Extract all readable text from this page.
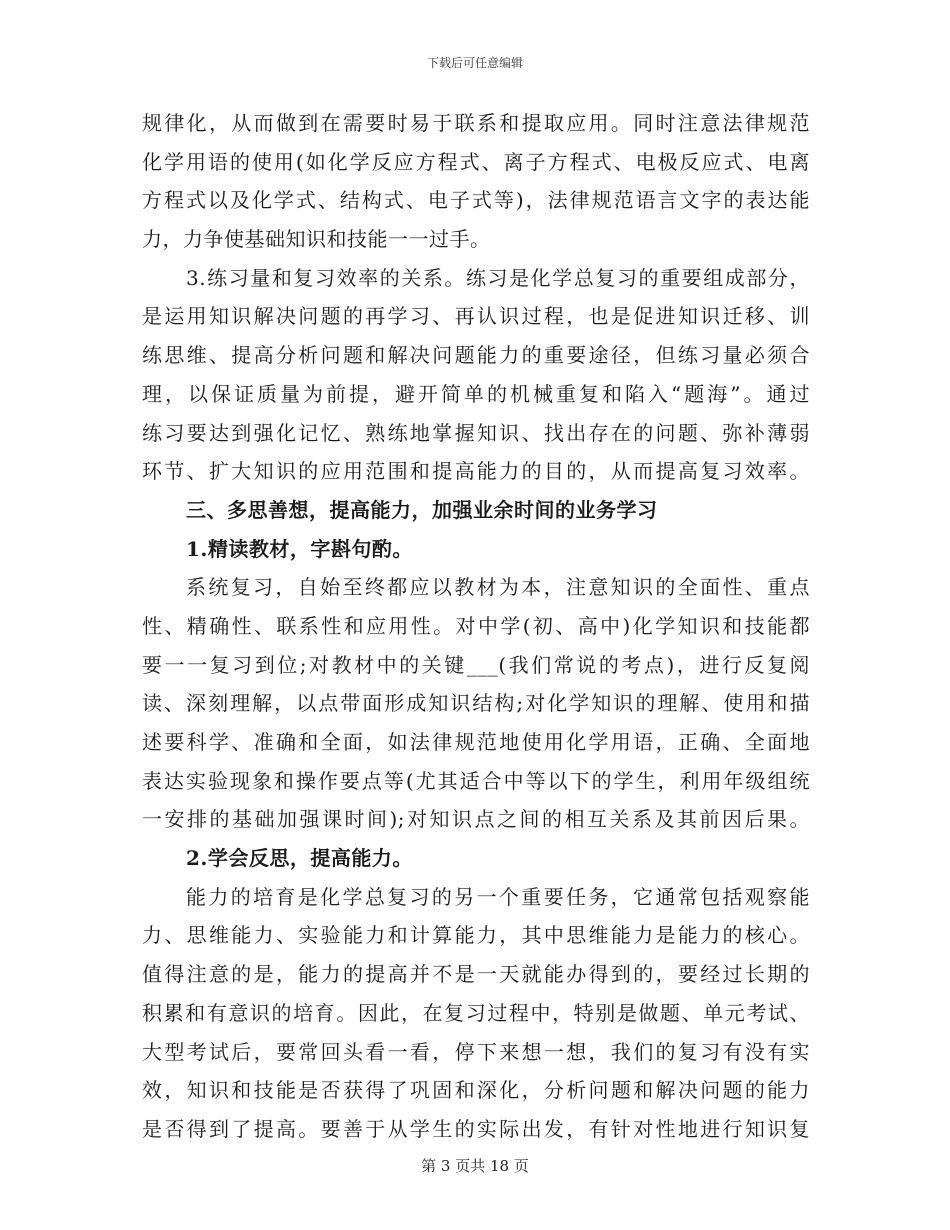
下载后可任意编辑
规律化，从而做到在需要时易于联系和提取应用。同时注意法律规范
化学用语的使用(如化学反应方程式、离子方程式、电极反应式、电离
方程式以及化学式、结构式、电子式等)，法律规范语言文字的表达能
力，力争使基础知识和技能一一过手。
3.练习量和复习效率的关系。练习是化学总复习的重要组成部分，
是运用知识解决问题的再学习、再认识过程，也是促进知识迁移、训
练思维、提高分析问题和解决问题能力的重要途径，但练习量必须合
理，以保证质量为前提，避开简单的机械重复和陷入“题海”。通过
练习要达到强化记忆、熟练地掌握知识、找出存在的问题、弥补薄弱
环节、扩大知识的应用范围和提高能力的目的，从而提高复习效率。
三、多思善想，提高能力，加强业余时间的业务学习
1.精读教材，字斟句酌。
系统复习，自始至终都应以教材为本，注意知识的全面性、重点
性、精确性、联系性和应用性。对中学(初、高中)化学知识和技能都
要一一复习到位;对教材中的关键___(我们常说的考点)，进行反复阅
读、深刻理解，以点带面形成知识结构;对化学知识的理解、使用和描
述要科学、准确和全面，如法律规范地使用化学用语，正确、全面地
表达实验现象和操作要点等(尤其适合中等以下的学生，利用年级组统
一安排的基础加强课时间);对知识点之间的相互关系及其前因后果。
2.学会反思，提高能力。
能力的培育是化学总复习的另一个重要任务，它通常包括观察能
力、思维能力、实验能力和计算能力，其中思维能力是能力的核心。
值得注意的是，能力的提高并不是一天就能办得到的，要经过长期的
积累和有意识的培育。因此，在复习过程中，特别是做题、单元考试、
大型考试后，要常回头看一看，停下来想一想，我们的复习有没有实
效，知识和技能是否获得了巩固和深化，分析问题和解决问题的能力
是否得到了提高。要善于从学生的实际出发，有针对性地进行知识复
第 3 页共 18 页
